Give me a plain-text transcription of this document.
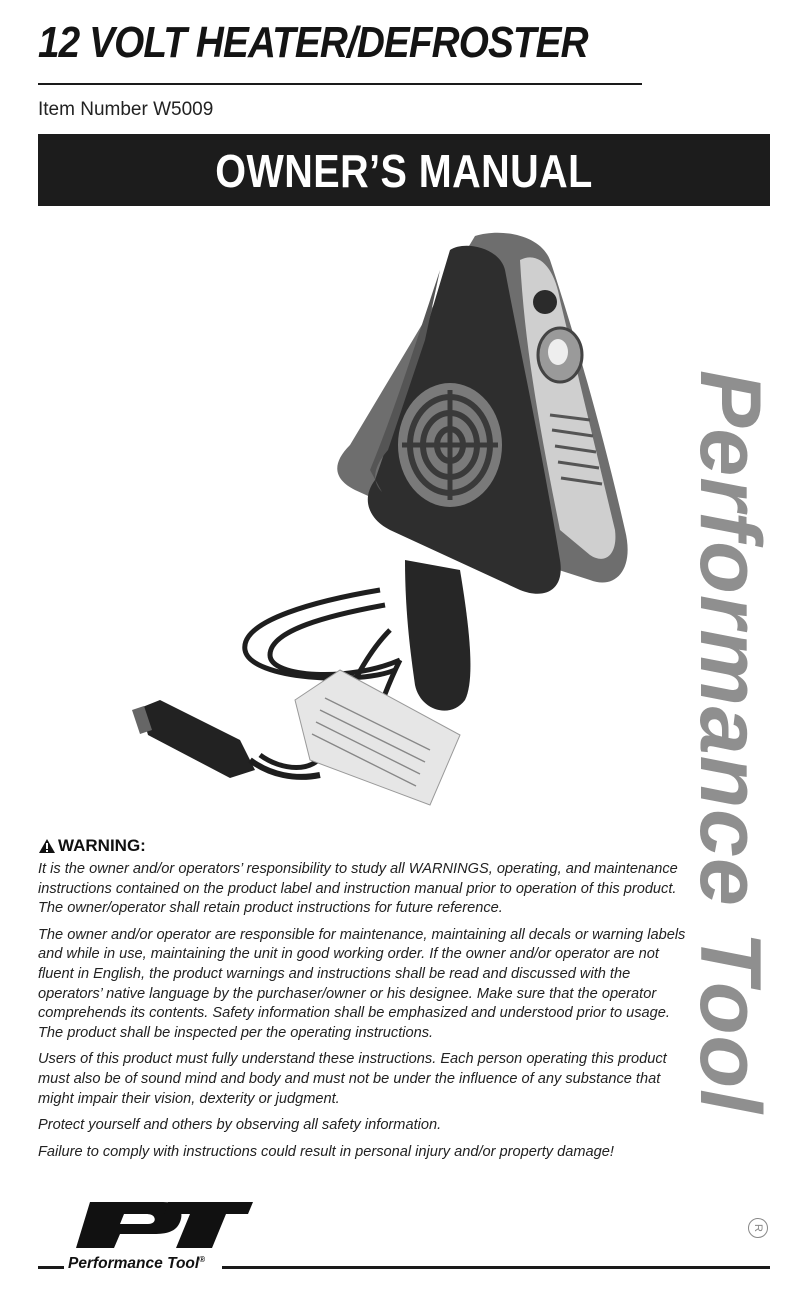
12 VOLT HEATER/DEFROSTER
Item Number W5009
OWNER’S MANUAL
Performance Tool
R
WARNING:

It is the owner and/or operators’ responsibility to study all WARNINGS, operating, and maintenance instructions contained on the product label and instruction manual prior to operation of this product. The owner/operator shall retain product instructions for future reference.

The owner and/or operator are responsible for maintenance, maintaining all decals or warning labels and while in use, maintaining the unit in good working order. If the owner and/or operator are not fluent in English, the product warnings and instructions shall be read and discussed with the operators’ native language by the purchaser/owner or his designee. Make sure that the operator comprehends its contents. Safety information shall be emphasized and understood prior to usage. The product shall be inspected per the operating instructions.

Users of this product must fully understand these instructions. Each person operating this product must also be of sound mind and body and must not be under the influence of any substance that might impair their vision, dexterity or judgment.

Protect yourself and others by observing all safety information.

Failure to comply with instructions could result in personal injury and/or property damage!

Performance Tool®
